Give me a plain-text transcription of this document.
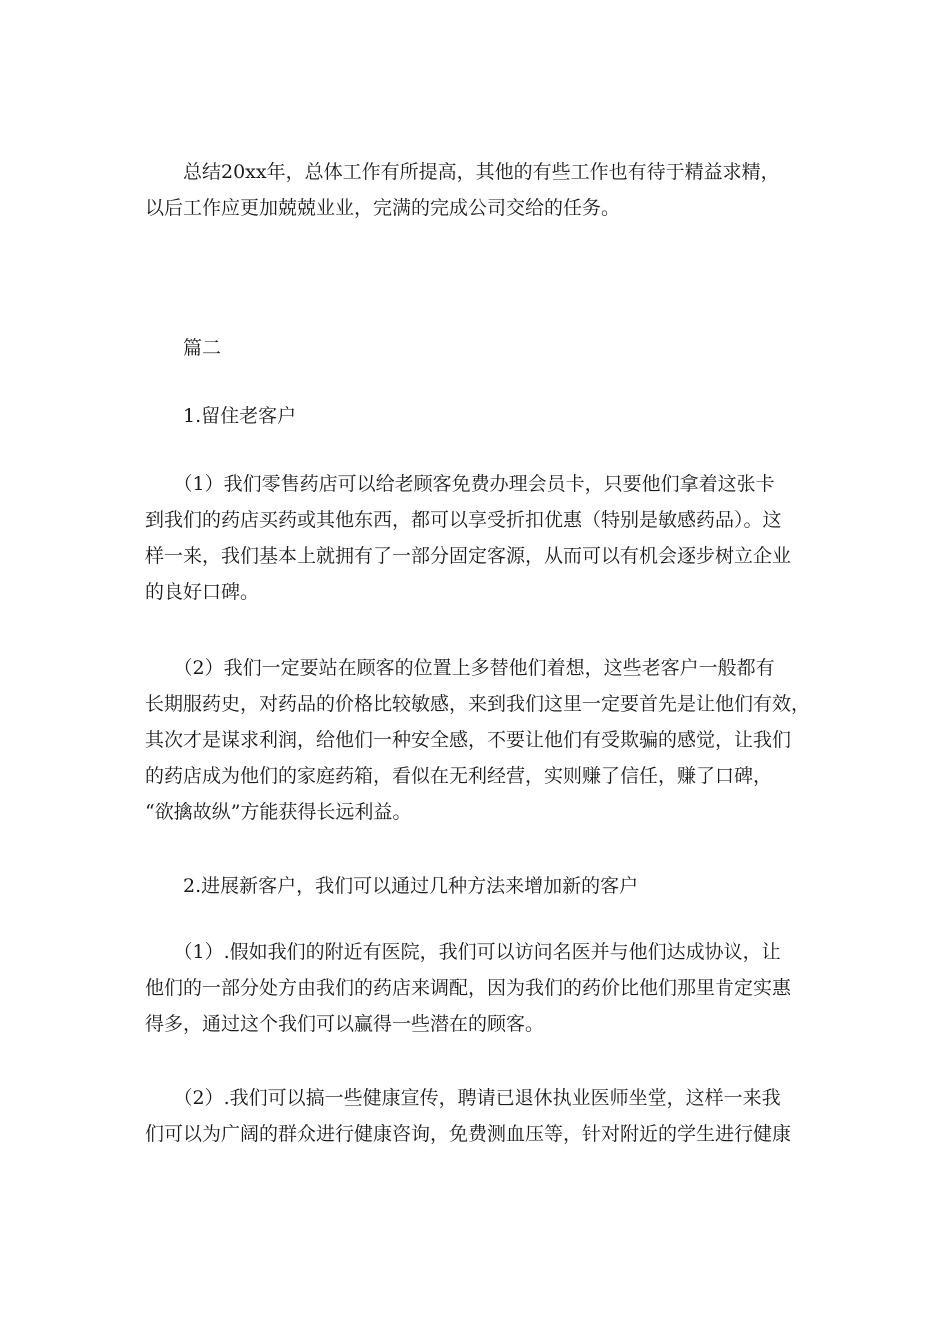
　　总结20xx年，总体工作有所提高，其他的有些工作也有待于精益求精，
以后工作应更加兢兢业业，完满的完成公司交给的任务。

　　篇二

　　1.留住老客户

　　（1）我们零售药店可以给老顾客免费办理会员卡，只要他们拿着这张卡
到我们的药店买药或其他东西，都可以享受折扣优惠（特别是敏感药品）。这
样一来，我们基本上就拥有了一部分固定客源，从而可以有机会逐步树立企业
的良好口碑。

　　（2）我们一定要站在顾客的位置上多替他们着想，这些老客户一般都有
长期服药史，对药品的价格比较敏感，来到我们这里一定要首先是让他们有效，
其次才是谋求利润，给他们一种安全感，不要让他们有受欺骗的感觉，让我们
的药店成为他们的家庭药箱，看似在无利经营，实则赚了信任，赚了口碑，
“欲擒故纵”方能获得长远利益。

　　2.进展新客户，我们可以通过几种方法来增加新的客户

　　（1）.假如我们的附近有医院，我们可以访问名医并与他们达成协议，让
他们的一部分处方由我们的药店来调配，因为我们的药价比他们那里肯定实惠
得多，通过这个我们可以赢得一些潜在的顾客。

　　（2）.我们可以搞一些健康宣传，聘请已退休执业医师坐堂，这样一来我
们可以为广阔的群众进行健康咨询，免费测血压等，针对附近的学生进行健康
